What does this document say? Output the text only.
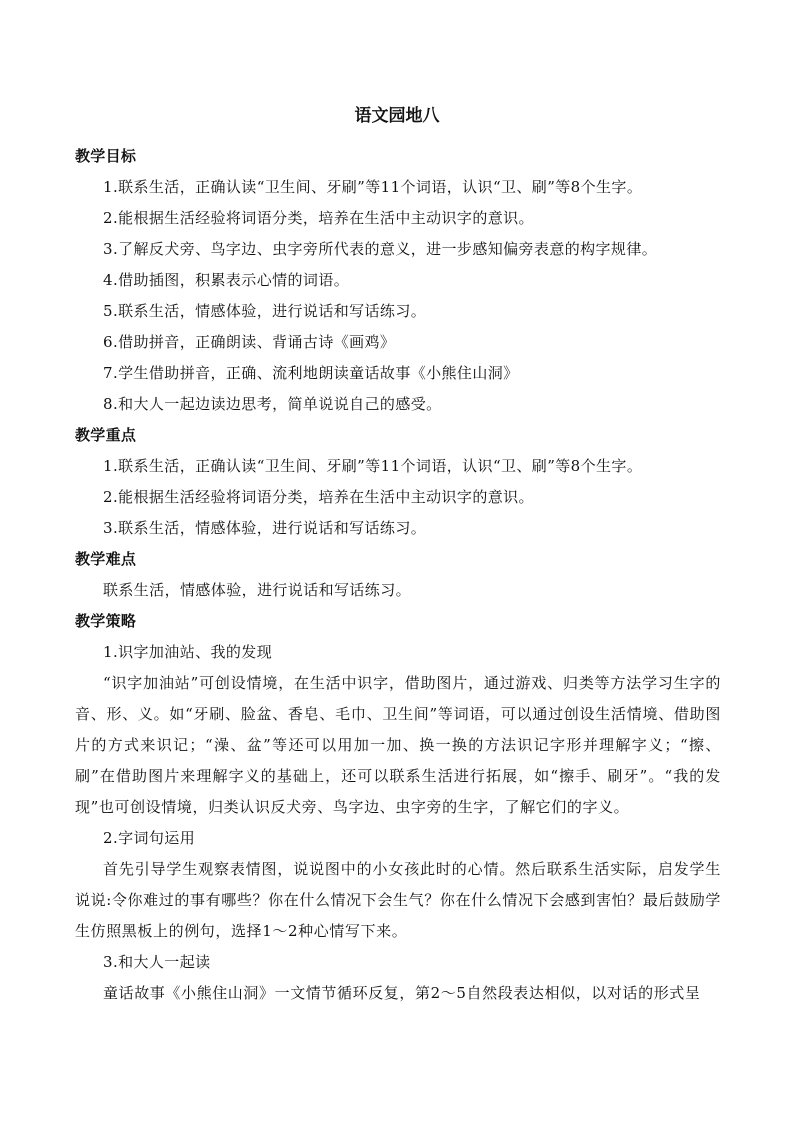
语文园地八

教学目标

1.联系生活，正确认读“卫生间、牙刷”等11个词语，认识“卫、刷”等8个生字。

2.能根据生活经验将词语分类，培养在生活中主动识字的意识。

3.了解反犬旁、鸟字边、虫字旁所代表的意义，进一步感知偏旁表意的构字规律。

4.借助插图，积累表示心情的词语。

5.联系生活，情感体验，进行说话和写话练习。

6.借助拼音，正确朗读、背诵古诗《画鸡》

7.学生借助拼音，正确、流利地朗读童话故事《小熊住山洞》

8.和大人一起边读边思考，简单说说自己的感受。

教学重点

1.联系生活，正确认读“卫生间、牙刷”等11个词语，认识“卫、刷”等8个生字。

2.能根据生活经验将词语分类，培养在生活中主动识字的意识。

3.联系生活，情感体验，进行说话和写话练习。

教学难点

联系生活，情感体验，进行说话和写话练习。

教学策略

1.识字加油站、我的发现

“识字加油站”可创设情境，在生活中识字，借助图片，通过游戏、归类等方法学习生字的音、形、义。如“牙刷、脸盆、香皂、毛巾、卫生间”等词语，可以通过创设生活情境、借助图片的方式来识记；“澡、盆”等还可以用加一加、换一换的方法识记字形并理解字义；“擦、刷”在借助图片来理解字义的基础上，还可以联系生活进行拓展，如“擦手、刷牙”。“我的发现”也可创设情境，归类认识反犬旁、鸟字边、虫字旁的生字，了解它们的字义。

2.字词句运用

首先引导学生观察表情图，说说图中的小女孩此时的心情。然后联系生活实际，启发学生说说:令你难过的事有哪些？你在什么情况下会生气？你在什么情况下会感到害怕？最后鼓励学生仿照黑板上的例句，选择1～2种心情写下来。

3.和大人一起读

童话故事《小熊住山洞》一文情节循环反复，第2～5自然段表达相似，以对话的形式呈
